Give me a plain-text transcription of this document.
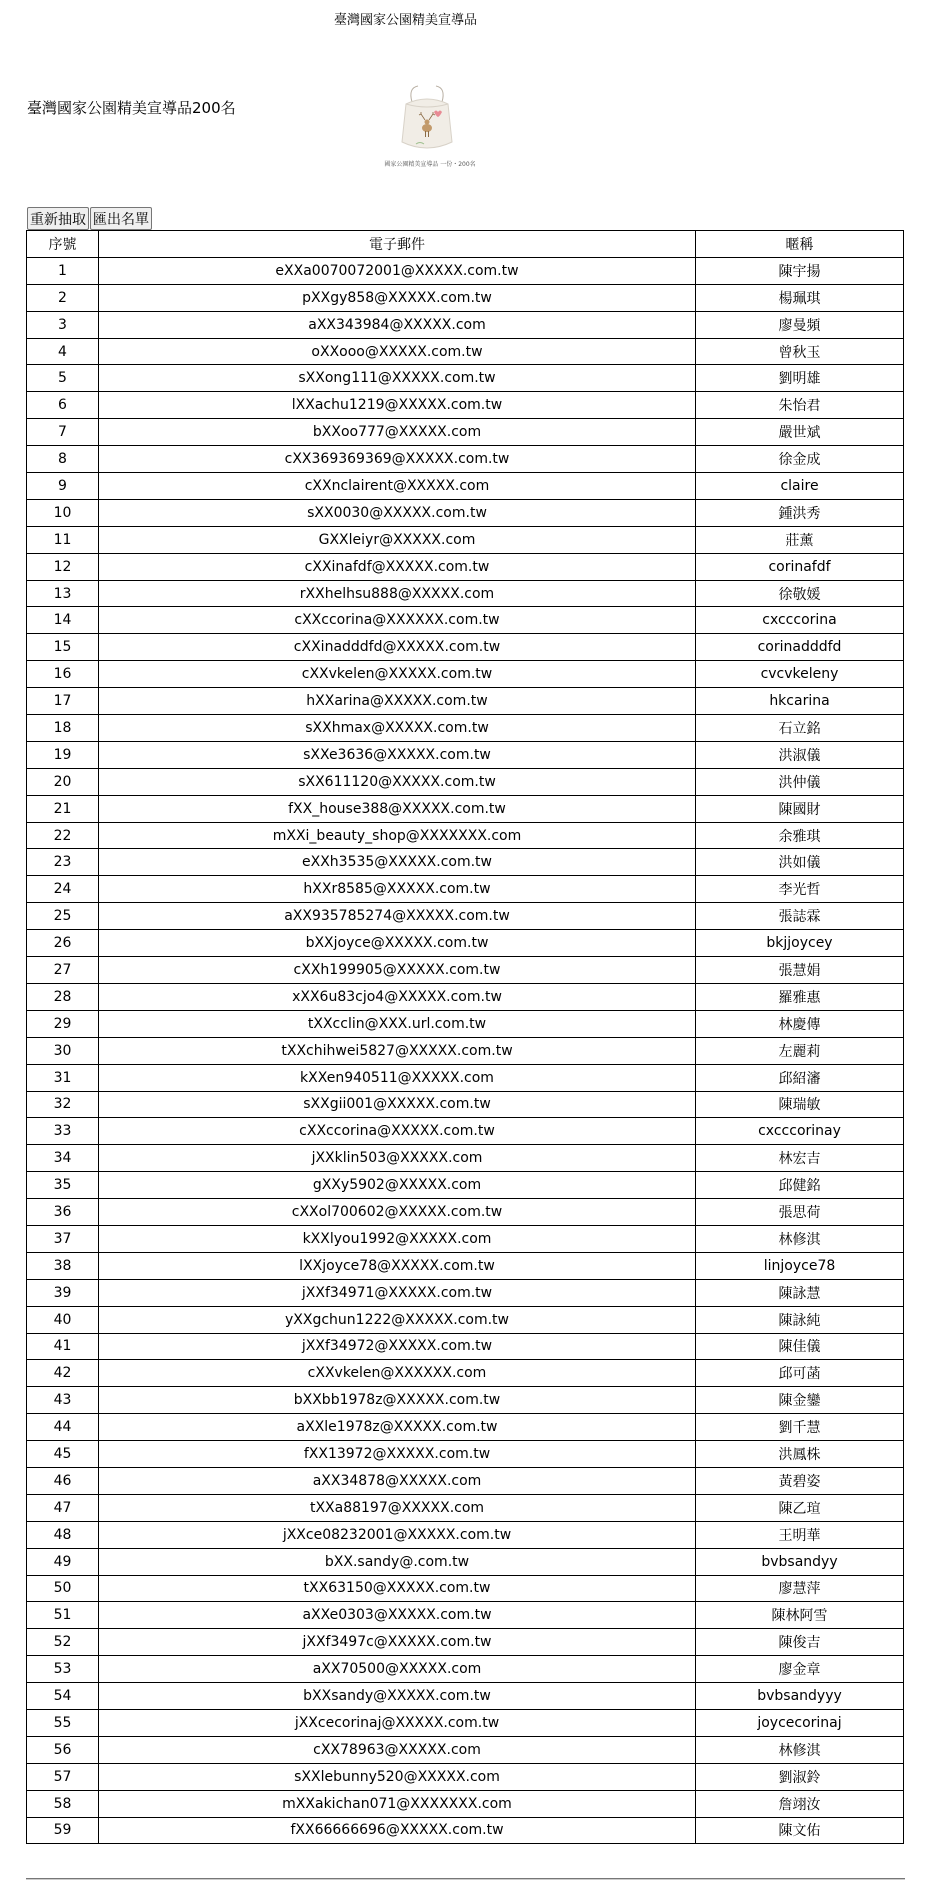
臺灣國家公園精美宣導品
臺灣國家公園精美宣導品200名
國家公園精美宣導品 一份・200名
重新抽取 匯出名單
序號	電子郵件	暱稱
1	eXXa0070072001@XXXXX.com.tw	陳宇揚
2	pXXgy858@XXXXX.com.tw	楊珮琪
3	aXX343984@XXXXX.com	廖曼頻
4	oXXooo@XXXXX.com.tw	曾秋玉
5	sXXong111@XXXXX.com.tw	劉明雄
6	lXXachu1219@XXXXX.com.tw	朱怡君
7	bXXoo777@XXXXX.com	嚴世斌
8	cXX369369369@XXXXX.com.tw	徐金成
9	cXXnclairent@XXXXX.com	claire
10	sXX0030@XXXXX.com.tw	鍾洪秀
11	GXXleiyr@XXXXX.com	莊薰
12	cXXinafdf@XXXXX.com.tw	corinafdf
13	rXXhelhsu888@XXXXX.com	徐敬媛
14	cXXccorina@XXXXXX.com.tw	cxcccorina
15	cXXinadddfd@XXXXX.com.tw	corinadddfd
16	cXXvkelen@XXXXX.com.tw	cvcvkeleny
17	hXXarina@XXXXX.com.tw	hkcarina
18	sXXhmax@XXXXX.com.tw	石立銘
19	sXXe3636@XXXXX.com.tw	洪淑儀
20	sXX611120@XXXXX.com.tw	洪仲儀
21	fXX_house388@XXXXX.com.tw	陳國財
22	mXXi_beauty_shop@XXXXXXX.com	余雅琪
23	eXXh3535@XXXXX.com.tw	洪如儀
24	hXXr8585@XXXXX.com.tw	李光哲
25	aXX935785274@XXXXX.com.tw	張誌霖
26	bXXjoyce@XXXXX.com.tw	bkjjoycey
27	cXXh199905@XXXXX.com.tw	張慧娟
28	xXX6u83cjo4@XXXXX.com.tw	羅雅惠
29	tXXcclin@XXX.url.com.tw	林慶傳
30	tXXchihwei5827@XXXXX.com.tw	左麗莉
31	kXXen940511@XXXXX.com	邱紹瀋
32	sXXgii001@XXXXX.com.tw	陳瑞敏
33	cXXccorina@XXXXX.com.tw	cxcccorinay
34	jXXklin503@XXXXX.com	林宏吉
35	gXXy5902@XXXXX.com	邱健銘
36	cXXol700602@XXXXX.com.tw	張思荷
37	kXXlyou1992@XXXXX.com	林修淇
38	lXXjoyce78@XXXXX.com.tw	linjoyce78
39	jXXf34971@XXXXX.com.tw	陳詠慧
40	yXXgchun1222@XXXXX.com.tw	陳詠純
41	jXXf34972@XXXXX.com.tw	陳佳儀
42	cXXvkelen@XXXXXX.com	邱可菡
43	bXXbb1978z@XXXXX.com.tw	陳金鑾
44	aXXle1978z@XXXXX.com.tw	劉千慧
45	fXX13972@XXXXX.com.tw	洪鳳株
46	aXX34878@XXXXX.com	黃碧姿
47	tXXa88197@XXXXX.com	陳乙瑄
48	jXXce08232001@XXXXX.com.tw	王明華
49	bXX.sandy@.com.tw	bvbsandyy
50	tXX63150@XXXXX.com.tw	廖慧萍
51	aXXe0303@XXXXX.com.tw	陳林阿雪
52	jXXf3497c@XXXXX.com.tw	陳俊吉
53	aXX70500@XXXXX.com	廖金章
54	bXXsandy@XXXXX.com.tw	bvbsandyyy
55	jXXcecorinaj@XXXXX.com.tw	joycecorinaj
56	cXX78963@XXXXX.com	林修淇
57	sXXlebunny520@XXXXX.com	劉淑鈴
58	mXXakichan071@XXXXXXX.com	詹翊汝
59	fXX66666696@XXXXX.com.tw	陳文佑
